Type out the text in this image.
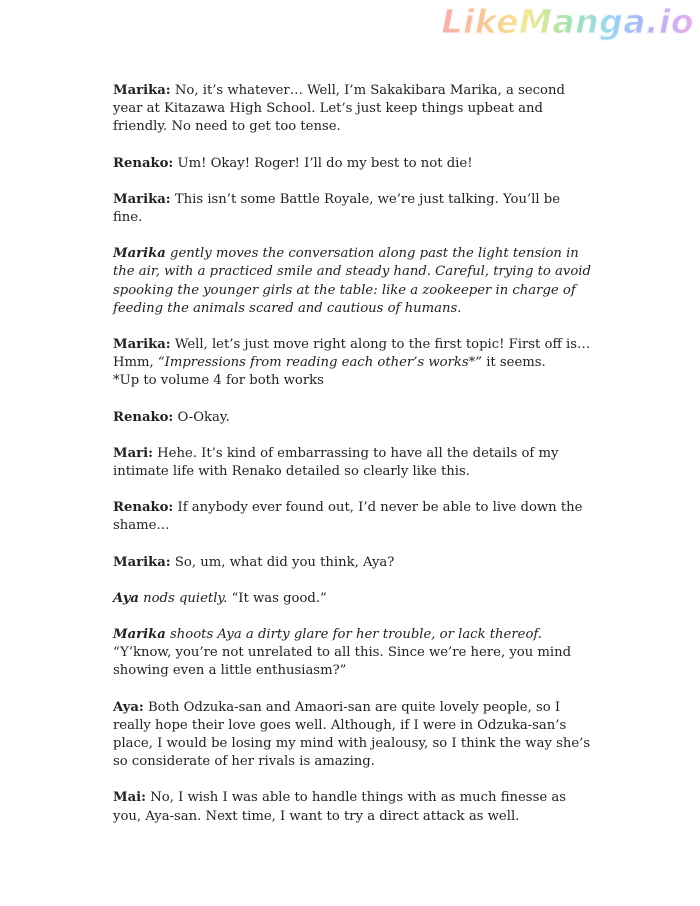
LikeManga.io

Marika: No, it’s whatever… Well, I’m Sakakibara Marika, a second year at Kitazawa High School. Let’s just keep things upbeat and friendly. No need to get too tense.

Renako: Um! Okay! Roger! I’ll do my best to not die!

Marika: This isn’t some Battle Royale, we’re just talking. You’ll be fine.

Marika gently moves the conversation along past the light tension in the air, with a practiced smile and steady hand. Careful, trying to avoid spooking the younger girls at the table: like a zookeeper in charge of feeding the animals scared and cautious of humans.

Marika: Well, let’s just move right along to the first topic! First off is… Hmm, “Impressions from reading each other’s works*” it seems.
*Up to volume 4 for both works

Renako: O-Okay.

Mari: Hehe. It’s kind of embarrassing to have all the details of my intimate life with Renako detailed so clearly like this.

Renako: If anybody ever found out, I’d never be able to live down the shame…

Marika: So, um, what did you think, Aya?

Aya nods quietly. “It was good.”

Marika shoots Aya a dirty glare for her trouble, or lack thereof. “Y’know, you’re not unrelated to all this. Since we’re here, you mind showing even a little enthusiasm?”

Aya: Both Odzuka-san and Amaori-san are quite lovely people, so I really hope their love goes well. Although, if I were in Odzuka-san’s place, I would be losing my mind with jealousy, so I think the way she’s so considerate of her rivals is amazing.

Mai: No, I wish I was able to handle things with as much finesse as you, Aya-san. Next time, I want to try a direct attack as well.
